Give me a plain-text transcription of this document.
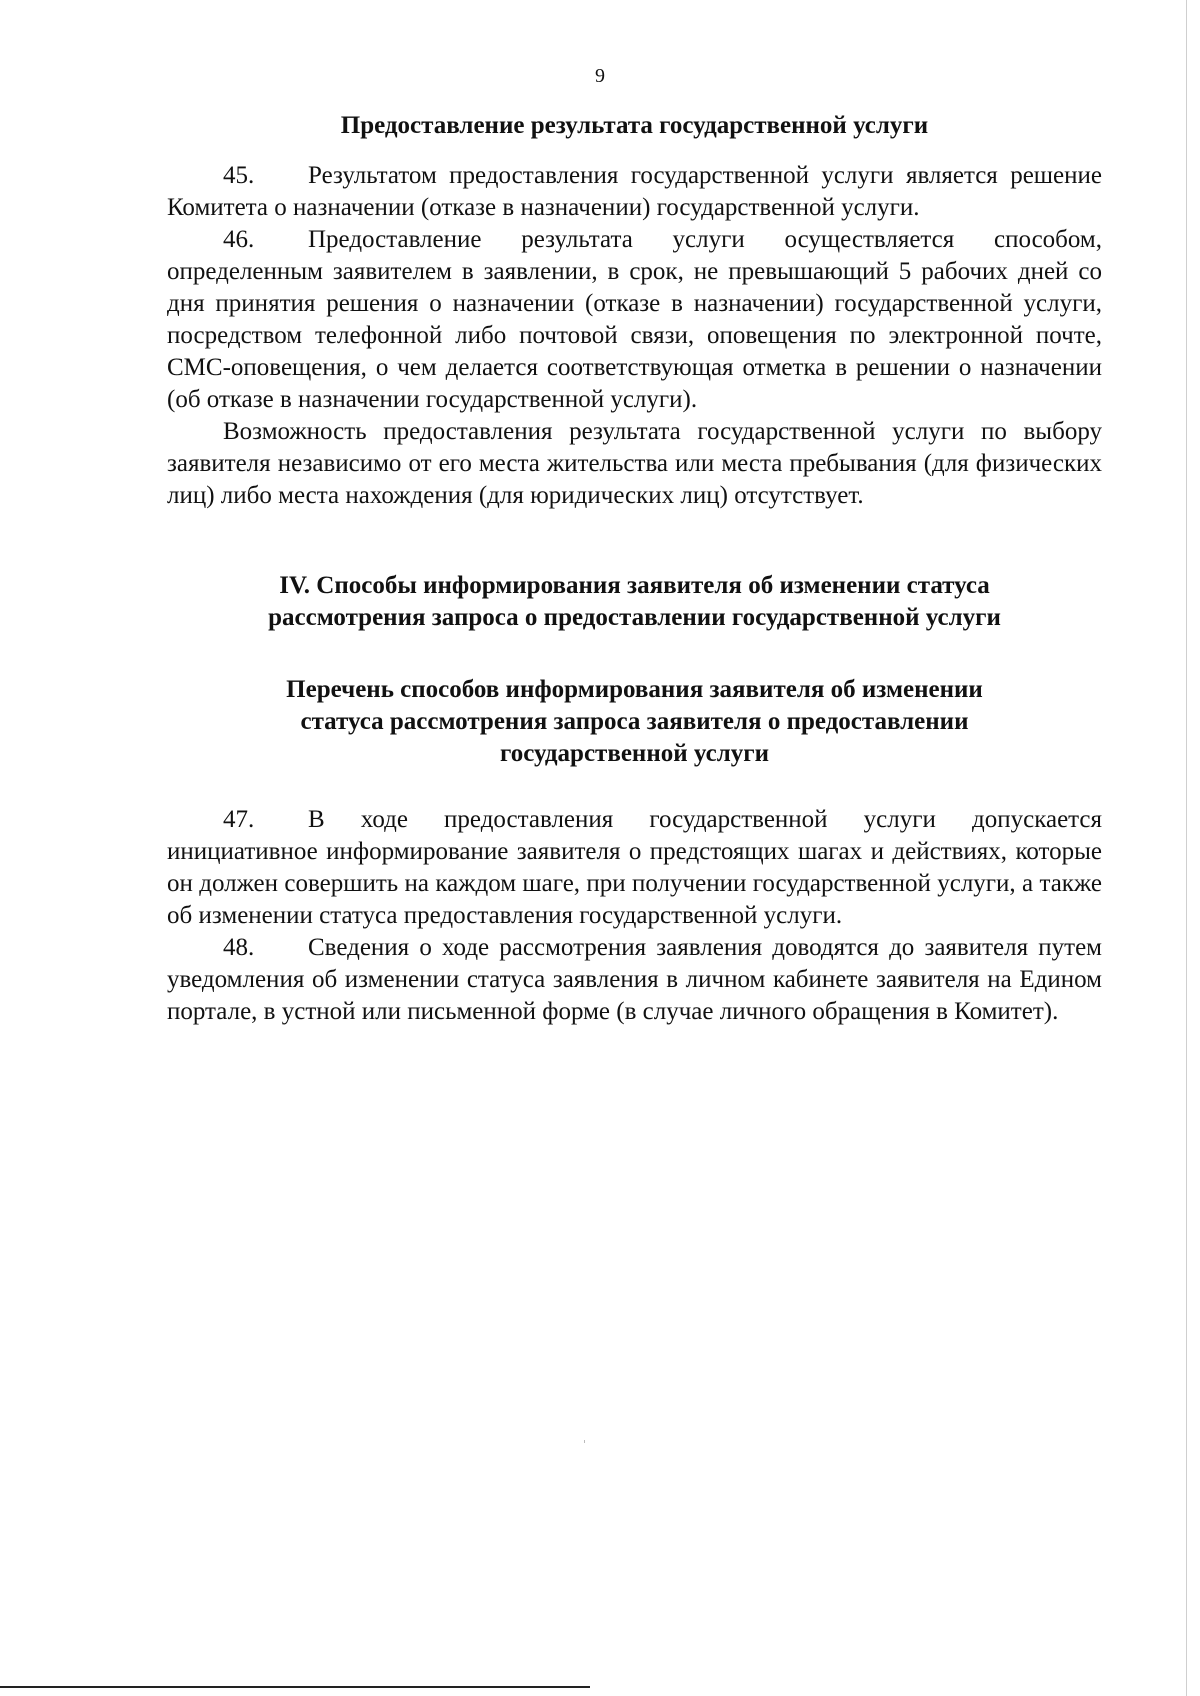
9

Предоставление результата государственной услуги

45. Результатом предоставления государственной услуги является решение Комитета о назначении (отказе в назначении) государственной услуги.

46. Предоставление результата услуги осуществляется способом, определенным заявителем в заявлении, в срок, не превышающий 5 рабочих дней со дня принятия решения о назначении (отказе в назначении) государственной услуги, посредством телефонной либо почтовой связи, оповещения по электронной почте, СМС-оповещения, о чем делается соответствующая отметка в решении о назначении (об отказе в назначении государственной услуги).

Возможность предоставления результата государственной услуги по выбору заявителя независимо от его места жительства или места пребывания (для физических лиц) либо места нахождения (для юридических лиц) отсутствует.

IV. Способы информирования заявителя об изменении статуса
рассмотрения запроса о предоставлении государственной услуги

Перечень способов информирования заявителя об изменении
статуса рассмотрения запроса заявителя о предоставлении
государственной услуги

47. В ходе предоставления государственной услуги допускается инициативное информирование заявителя о предстоящих шагах и действиях, которые он должен совершить на каждом шаге, при получении государственной услуги, а также об изменении статуса предоставления государственной услуги.

48. Сведения о ходе рассмотрения заявления доводятся до заявителя путем уведомления об изменении статуса заявления в личном кабинете заявителя на Едином портале, в устной или письменной форме (в случае личного обращения в Комитет).
